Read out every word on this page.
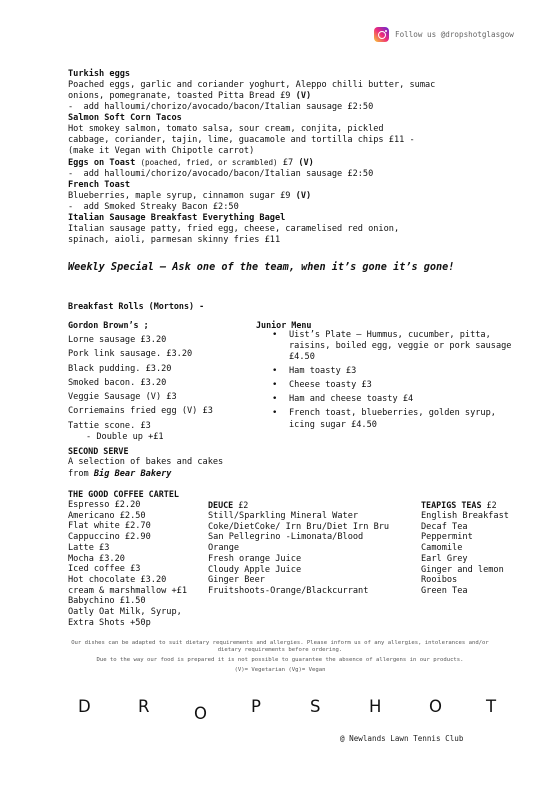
Follow us @dropshotglasgow
Turkish eggs
Poached eggs, garlic and coriander yoghurt, Aleppo chilli butter, sumac
onions, pomegranate, toasted Pitta Bread £9 (V)
-  add halloumi/chorizo/avocado/bacon/Italian sausage £2:50
Salmon Soft Corn Tacos
Hot smokey salmon, tomato salsa, sour cream, conjita, pickled
cabbage, coriander, tajin, lime, guacamole and tortilla chips £11 -
(make it Vegan with Chipotle carrot)
Eggs on Toast (poached, fried, or scrambled) £7 (V)
-  add halloumi/chorizo/avocado/bacon/Italian sausage £2:50
French Toast
Blueberries, maple syrup, cinnamon sugar £9 (V)
-  add Smoked Streaky Bacon £2:50
Italian Sausage Breakfast Everything Bagel
Italian sausage patty, fried egg, cheese, caramelised red onion,
spinach, aioli, parmesan skinny fries £11
Weekly Special – Ask one of the team, when it’s gone it’s gone!
Breakfast Rolls (Mortons) -
Gordon Brown’s ;
Lorne sausage £3.20
Pork link sausage. £3.20
Black pudding. £3.20
Smoked bacon. £3.20
Veggie Sausage (V) £3
Corriemains fried egg (V) £3
Tattie scone. £3
- Double up +£1
Junior Menu
• Uist’s Plate – Hummus, cucumber, pitta, raisins, boiled egg, veggie or pork sausage £4.50
• Ham toasty £3
• Cheese toasty £3
• Ham and cheese toasty £4
• French toast, blueberries, golden syrup, icing sugar £4.50
SECOND SERVE
A selection of bakes and cakes
from Big Bear Bakery
THE GOOD COFFEE CARTEL
Espresso £2.20
Americano £2.50
Flat white £2.70
Cappuccino £2.90
Latte £3
Mocha £3.20
Iced coffee £3
Hot chocolate £3.20
cream & marshmallow +£1
Babychino £1.50
Oatly Oat Milk, Syrup,
Extra Shots +50p
DEUCE £2
Still/Sparkling Mineral Water
Coke/DietCoke/ Irn Bru/Diet Irn Bru
San Pellegrino -Limonata/Blood
Orange
Fresh orange Juice
Cloudy Apple Juice
Ginger Beer
Fruitshoots-Orange/Blackcurrant
TEAPIGS TEAS £2
English Breakfast
Decaf Tea
Peppermint
Camomile
Earl Grey
Ginger and lemon
Rooibos
Green Tea

Our dishes can be adapted to suit dietary requirements and allergies. Please inform us of any allergies, intolerances and/or dietary requirements before ordering.

Due to the way our food is prepared it is not possible to guarantee the absence of allergens in our products.

(V)= Vegetarian (Vg)= Vegan

D	R	O	P	S	H	O	T
@ Newlands Lawn Tennis Club
